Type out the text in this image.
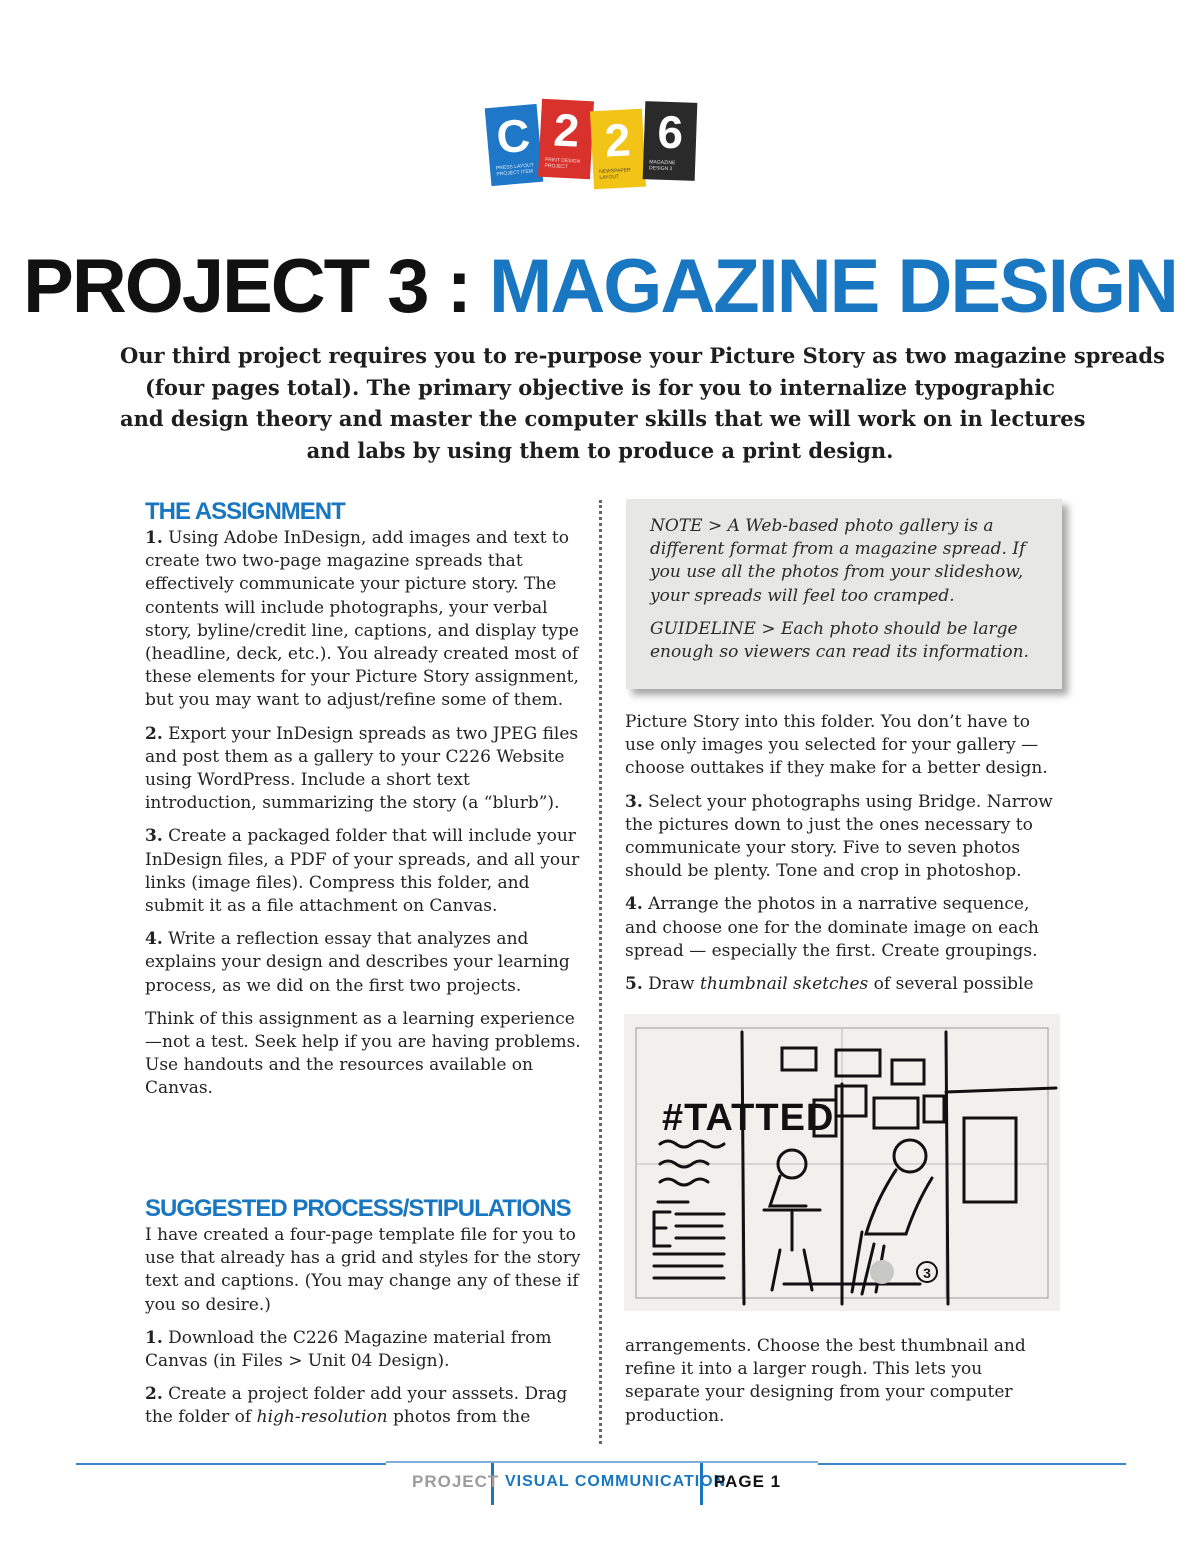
C
PRESS LAYOUT PROJECT ITEM
2
PRINT DESIGN PROJECT 2
NEWSPAPER LAYOUT
6
MAGAZINE DESIGN 3
PROJECT 3 : MAGAZINE DESIGN
Our third project requires you to re-purpose your Picture Story as two magazine spreads
(four pages total). The primary objective is for you to internalize typographic
and design theory and master the computer skills that we will work on in lectures
and labs by using them to produce a print design.
THE ASSIGNMENT

1. Using Adobe InDesign, add images and text to create two two-page magazine spreads that effectively communicate your picture story. The contents will include photographs, your verbal story, byline/credit line, captions, and display type (headline, deck, etc.). You already created most of these elements for your Picture Story assignment, but you may want to adjust/refine some of them.

2. Export your InDesign spreads as two JPEG files and post them as a gallery to your C226 Website using WordPress. Include a short text introduction, summarizing the story (a “blurb”).

3. Create a packaged folder that will include your InDesign files, a PDF of your spreads, and all your links (image files). Compress this folder, and submit it as a file attachment on Canvas.

4. Write a reflection essay that analyzes and explains your design and describes your learning process, as we did on the first two projects.

Think of this assignment as a learning experience—not a test. Seek help if you are having problems. Use handouts and the resources available on Canvas.

SUGGESTED PROCESS/STIPULATIONS

I have created a four-page template file for you to use that already has a grid and styles for the story text and captions. (You may change any of these if you so desire.)

1. Download the C226 Magazine material from Canvas (in Files > Unit 04 Design).

2. Create a project folder add your asssets. Drag the folder of high-resolution photos from the

NOTE > A Web-based photo gallery is a different format from a magazine spread. If you use all the photos from your slideshow, your spreads will feel too cramped.

GUIDELINE > Each photo should be large enough so viewers can read its information.

Picture Story into this folder. You don’t have to use only images you selected for your gallery — choose outtakes if they make for a better design.

3. Select your photographs using Bridge. Narrow the pictures down to just the ones necessary to communicate your story. Five to seven photos should be plenty. Tone and crop in photoshop.

4. Arrange the photos in a narrative sequence, and choose one for the dominate image on each spread — especially the first. Create groupings.

5. Draw thumbnail sketches of several possible

3
#TATTED

arrangements. Choose the best thumbnail and refine it into a larger rough. This lets you separate your designing from your computer production.

PROJECT VISUAL COMMUNICATION
PAGE 1
